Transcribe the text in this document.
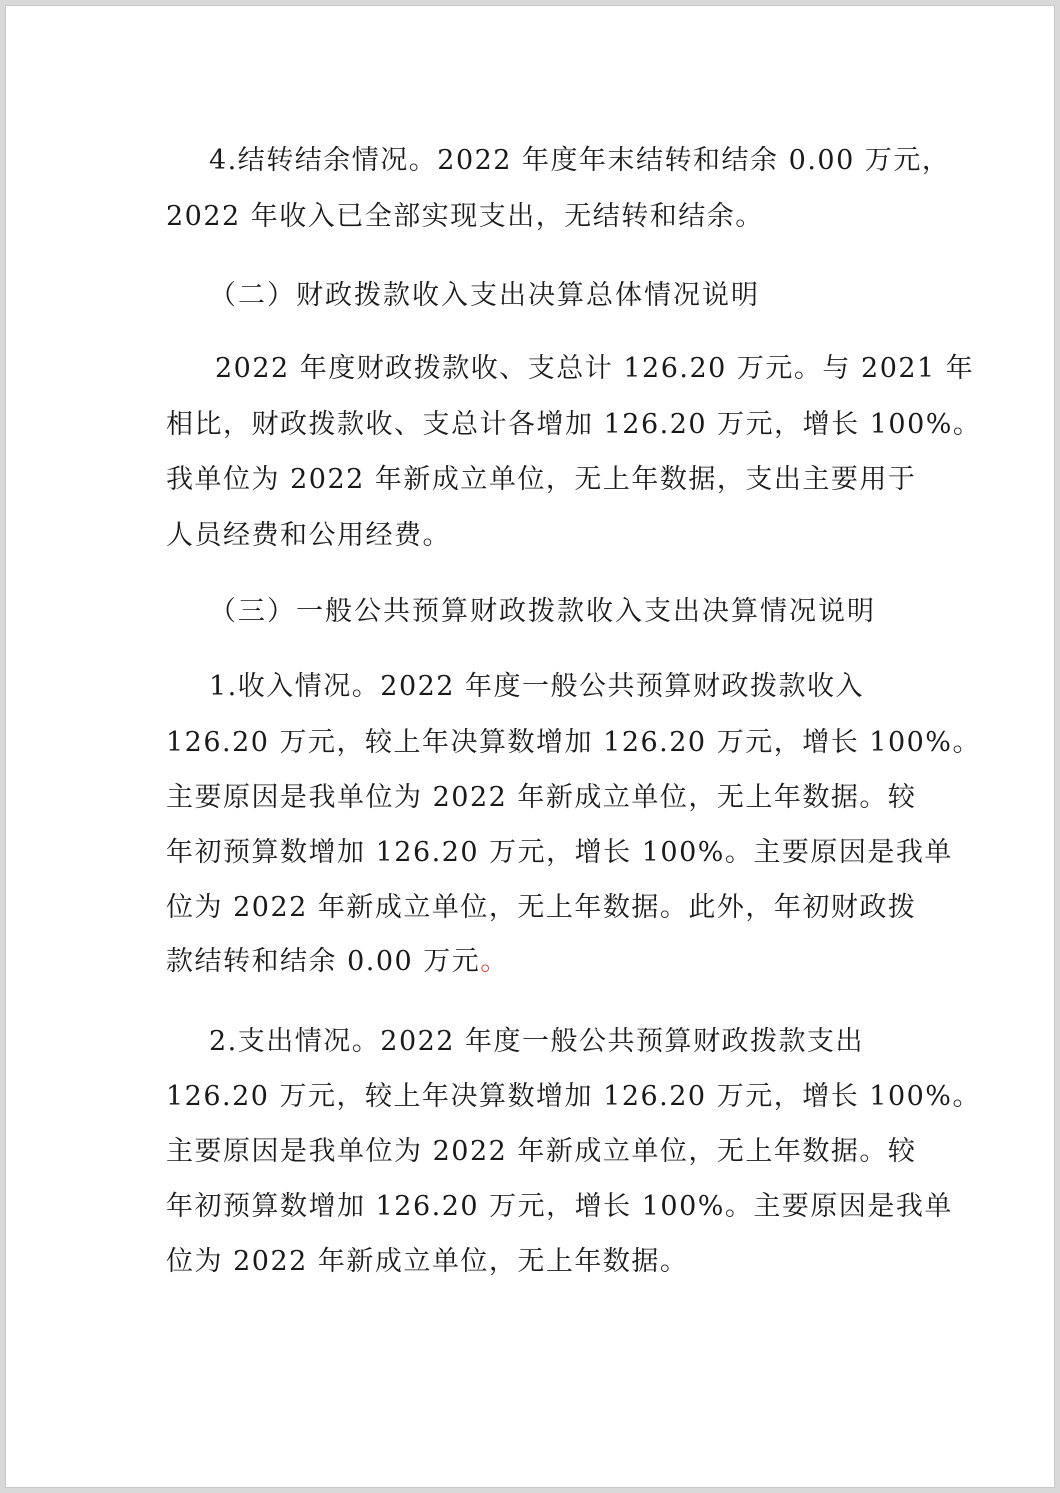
4.结转结余情况。2022 年度年末结转和结余 0.00 万元，
2022 年收入已全部实现支出，无结转和结余。
（二）财政拨款收入支出决算总体情况说明
2022 年度财政拨款收、支总计 126.20 万元。与 2021 年
相比，财政拨款收、支总计各增加 126.20 万元，增长 100%。
我单位为 2022 年新成立单位，无上年数据，支出主要用于
人员经费和公用经费。
（三）一般公共预算财政拨款收入支出决算情况说明
1.收入情况。2022 年度一般公共预算财政拨款收入
126.20 万元，较上年决算数增加 126.20 万元，增长 100%。
主要原因是我单位为 2022 年新成立单位，无上年数据。较
年初预算数增加 126.20 万元，增长 100%。主要原因是我单
位为 2022 年新成立单位，无上年数据。此外，年初财政拨
款结转和结余 0.00 万元。
2.支出情况。2022 年度一般公共预算财政拨款支出
126.20 万元，较上年决算数增加 126.20 万元，增长 100%。
主要原因是我单位为 2022 年新成立单位，无上年数据。较
年初预算数增加 126.20 万元，增长 100%。主要原因是我单
位为 2022 年新成立单位，无上年数据。
